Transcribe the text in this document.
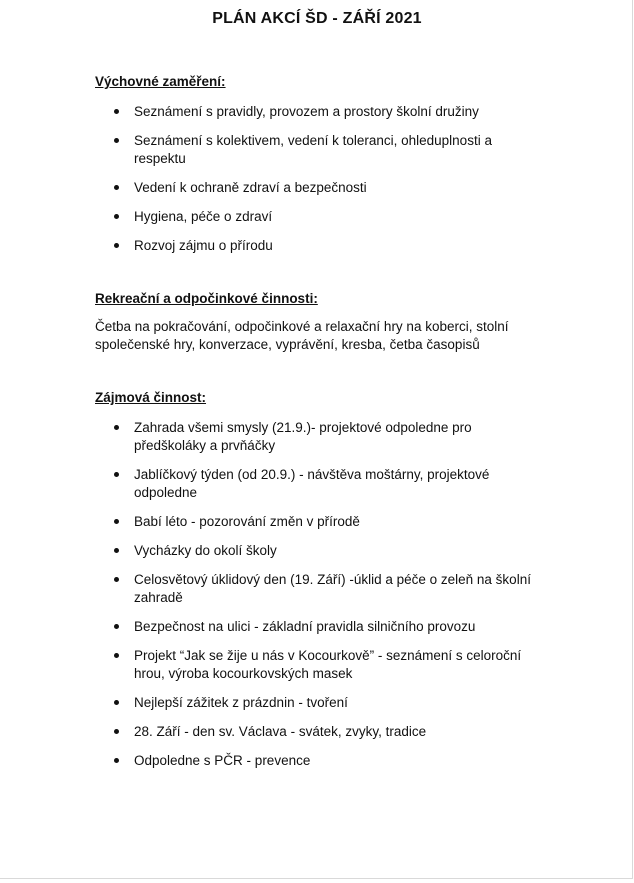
PLÁN AKCÍ ŠD - ZÁŘÍ 2021
Výchovné zaměření:
Seznámení s pravidly, provozem a prostory školní družiny
Seznámení s kolektivem, vedení k toleranci, ohleduplnosti a respektu
Vedení k ochraně zdraví a bezpečnosti
Hygiena, péče o zdraví
Rozvoj zájmu o přírodu
Rekreační a odpočinkové činnosti:
Četba na pokračování, odpočinkové a relaxační hry na koberci, stolní společenské hry, konverzace, vyprávění, kresba, četba časopisů
Zájmová činnost:
Zahrada všemi smysly (21.9.)- projektové odpoledne pro předškoláky a prvňáčky
Jablíčkový týden (od 20.9.) - návštěva moštárny, projektové odpoledne
Babí léto - pozorování změn v přírodě
Vycházky do okolí školy
Celosvětový úklidový den (19. Září) -úklid a péče o zeleň na školní zahradě
Bezpečnost na ulici - základní pravidla silničního provozu
Projekt “Jak se žije u nás v Kocourkově” - seznámení s celoroční hrou, výroba kocourkovských masek
Nejlepší zážitek z prázdnin - tvoření
28. Září - den sv. Václava - svátek, zvyky, tradice
Odpoledne s PČR - prevence
